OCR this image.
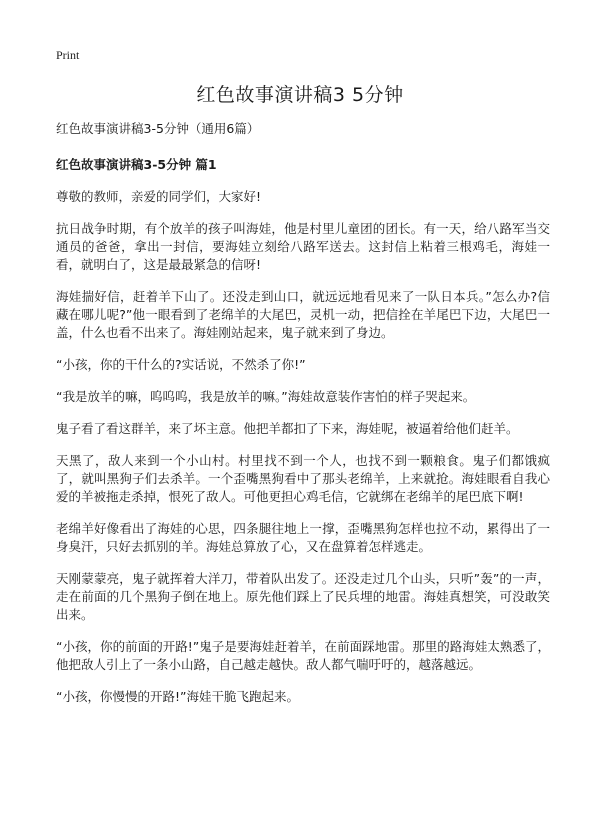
Print
红色故事演讲稿3 5分钟

红色故事演讲稿3-5分钟（通用6篇）

红色故事演讲稿3-5分钟 篇1

尊敬的教师，亲爱的同学们，大家好!

抗日战争时期，有个放羊的孩子叫海娃，他是村里儿童团的团长。有一天，给八路军当交通员的爸爸，拿出一封信，要海娃立刻给八路军送去。这封信上粘着三根鸡毛，海娃一看，就明白了，这是最最紧急的信呀!

海娃揣好信，赶着羊下山了。还没走到山口，就远远地看见来了一队日本兵。”怎么办?信藏在哪儿呢?”他一眼看到了老绵羊的大尾巴，灵机一动，把信拴在羊尾巴下边，大尾巴一盖，什么也看不出来了。海娃刚站起来，鬼子就来到了身边。

“小孩，你的干什么的?实话说，不然杀了你!”

“我是放羊的嘛，呜呜呜，我是放羊的嘛。”海娃故意装作害怕的样子哭起来。

鬼子看了看这群羊，来了坏主意。他把羊都扣了下来，海娃呢，被逼着给他们赶羊。

天黑了，敌人来到一个小山村。村里找不到一个人，也找不到一颗粮食。鬼子们都饿疯了，就叫黑狗子们去杀羊。一个歪嘴黑狗看中了那头老绵羊，上来就抢。海娃眼看自我心爱的羊被拖走杀掉，恨死了敌人。可他更担心鸡毛信，它就绑在老绵羊的尾巴底下啊!

老绵羊好像看出了海娃的心思，四条腿往地上一撑，歪嘴黑狗怎样也拉不动，累得出了一身臭汗，只好去抓别的羊。海娃总算放了心，又在盘算着怎样逃走。

天刚蒙蒙亮，鬼子就挥着大洋刀，带着队出发了。还没走过几个山头，只听”轰”的一声，走在前面的几个黑狗子倒在地上。原先他们踩上了民兵埋的地雷。海娃真想笑，可没敢笑出来。

“小孩，你的前面的开路!”鬼子是要海娃赶着羊，在前面踩地雷。那里的路海娃太熟悉了，他把敌人引上了一条小山路，自己越走越快。敌人都气喘吁吁的，越落越远。

“小孩，你慢慢的开路!”海娃干脆飞跑起来。
